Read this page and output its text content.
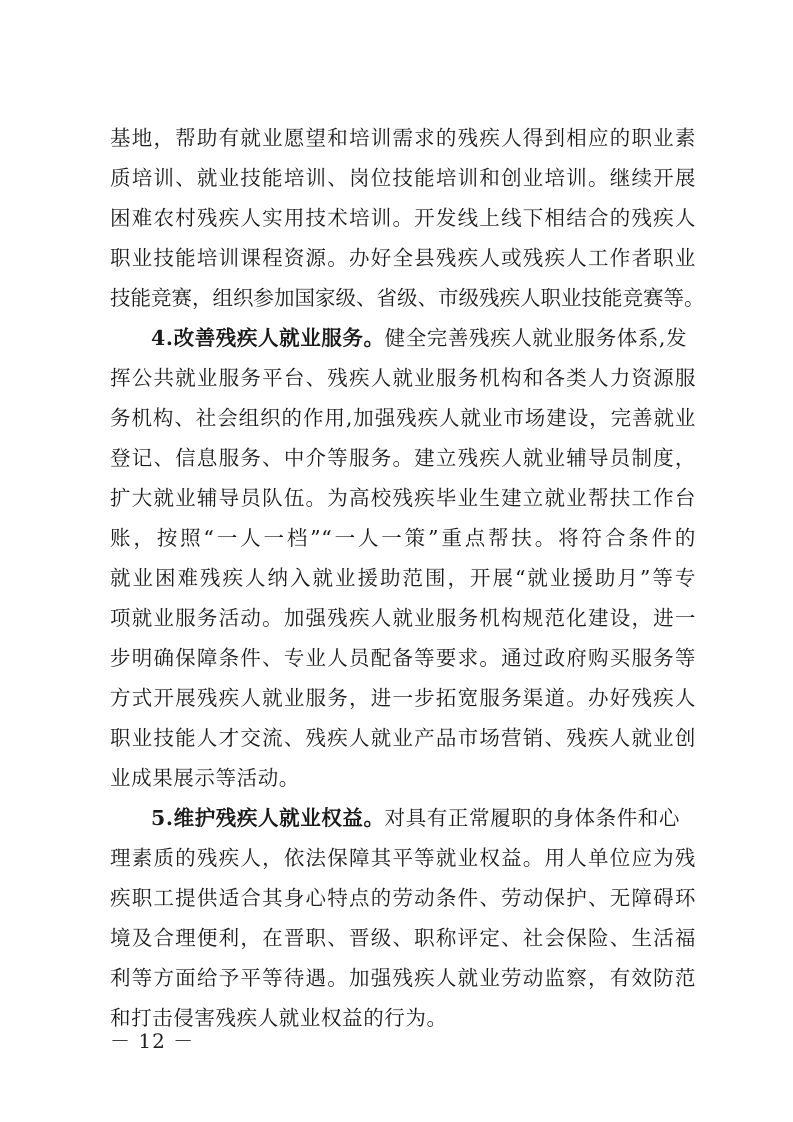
基地，帮助有就业愿望和培训需求的残疾人得到相应的职业素
质培训、就业技能培训、岗位技能培训和创业培训。继续开展
困难农村残疾人实用技术培训。开发线上线下相结合的残疾人
职业技能培训课程资源。办好全县残疾人或残疾人工作者职业
技能竞赛，组织参加国家级、省级、市级残疾人职业技能竞赛等。
4.改善残疾人就业服务。健全完善残疾人就业服务体系,发
挥公共就业服务平台、残疾人就业服务机构和各类人力资源服
务机构、社会组织的作用,加强残疾人就业市场建设，完善就业
登记、信息服务、中介等服务。建立残疾人就业辅导员制度，
扩大就业辅导员队伍。为高校残疾毕业生建立就业帮扶工作台
账，按照“一人一档”“一人一策”重点帮扶。将符合条件的
就业困难残疾人纳入就业援助范围，开展“就业援助月”等专
项就业服务活动。加强残疾人就业服务机构规范化建设，进一
步明确保障条件、专业人员配备等要求。通过政府购买服务等
方式开展残疾人就业服务，进一步拓宽服务渠道。办好残疾人
职业技能人才交流、残疾人就业产品市场营销、残疾人就业创
业成果展示等活动。
5.维护残疾人就业权益。对具有正常履职的身体条件和心
理素质的残疾人，依法保障其平等就业权益。用人单位应为残
疾职工提供适合其身心特点的劳动条件、劳动保护、无障碍环
境及合理便利，在晋职、晋级、职称评定、社会保险、生活福
利等方面给予平等待遇。加强残疾人就业劳动监察，有效防范
和打击侵害残疾人就业权益的行为。
－ 12 －
